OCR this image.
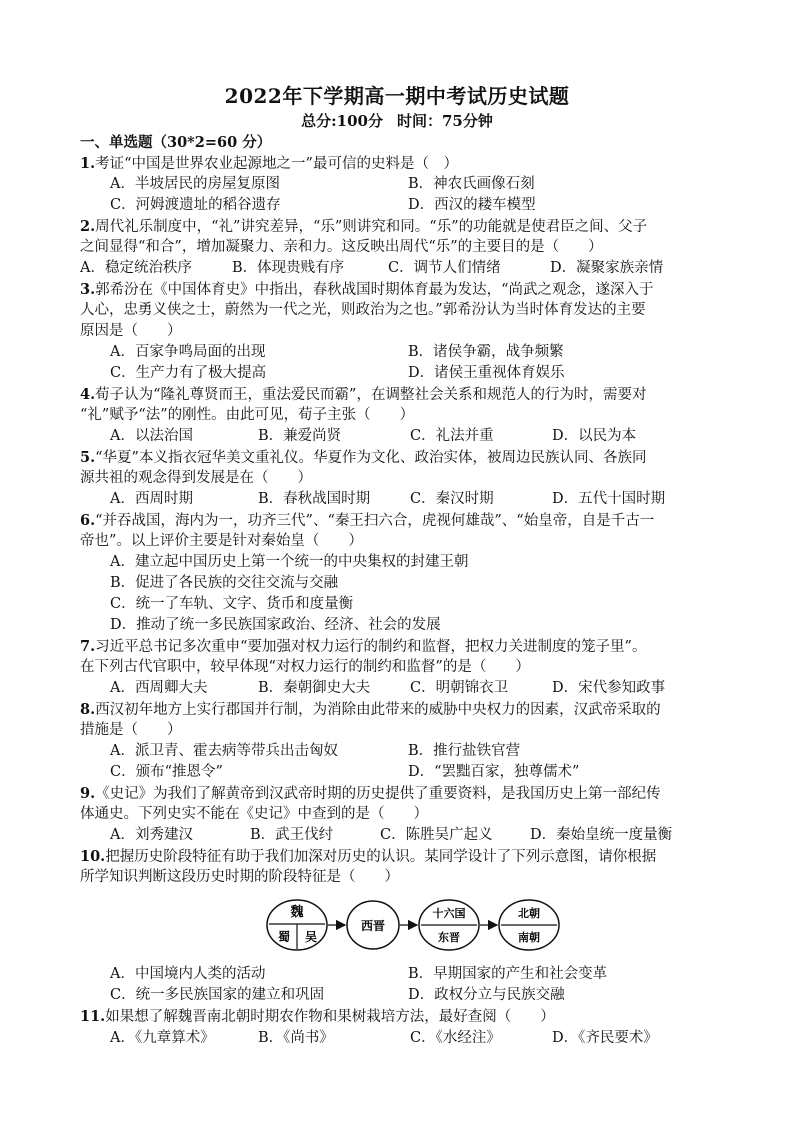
2022年下学期高一期中考试历史试题
总分:100分 时间：75分钟
一、单选题（30*2=60 分）
1.考证“中国是世界农业起源地之一”最可信的史料是（　）
A．半坡居民的房屋复原图	B．神农氏画像石刻
C．河姆渡遗址的稻谷遗存	D．西汉的耧车模型
2.周代礼乐制度中，“礼”讲究差异，“乐”则讲究和同。“乐”的功能就是使君臣之间、父子
之间显得“和合”，增加凝聚力、亲和力。这反映出周代“乐”的主要目的是（　　）
A．稳定统治秩序	B．体现贵贱有序	C．调节人们情绪	D．凝聚家族亲情
3.郭希汾在《中国体育史》中指出，春秋战国时期体育最为发达，“尚武之观念，遂深入于
人心，忠勇义侠之士，蔚然为一代之光，则政治为之也。”郭希汾认为当时体育发达的主要
原因是（　　）
A．百家争鸣局面的出现	B．诸侯争霸，战争频繁
C．生产力有了极大提高	D．诸侯王重视体育娱乐
4.荀子认为“隆礼尊贤而王，重法爱民而霸”，在调整社会关系和规范人的行为时，需要对
“礼”赋予“法”的刚性。由此可见，荀子主张（　　）
A．以法治国	B．兼爱尚贤	C．礼法并重	D．以民为本
5.“华夏”本义指衣冠华美文重礼仪。华夏作为文化、政治实体，被周边民族认同、各族同
源共祖的观念得到发展是在（　　）
A．西周时期	B．春秋战国时期	C．秦汉时期	D．五代十国时期
6.“并吞战国，海内为一，功齐三代”、“秦王扫六合，虎视何雄哉”、“始皇帝，自是千古一
帝也”。以上评价主要是针对秦始皇（　　）
A．建立起中国历史上第一个统一的中央集权的封建王朝
B．促进了各民族的交往交流与交融
C．统一了车轨、文字、货币和度量衡
D．推动了统一多民族国家政治、经济、社会的发展
7.习近平总书记多次重申“要加强对权力运行的制约和监督，把权力关进制度的笼子里”。
在下列古代官职中，较早体现“对权力运行的制约和监督”的是（　　）
A．西周卿大夫	B．秦朝御史大夫	C．明朝锦衣卫	D．宋代参知政事
8.西汉初年地方上实行郡国并行制，为消除由此带来的威胁中央权力的因素，汉武帝采取的
措施是（　　）
A．派卫青、霍去病等带兵出击匈奴	B．推行盐铁官营
C．颁布“推恩令”	D．“罢黜百家，独尊儒术”
9.《史记》为我们了解黄帝到汉武帝时期的历史提供了重要资料，是我国历史上第一部纪传
体通史。下列史实不能在《史记》中查到的是（　　）
A．刘秀建汉	B．武王伐纣	C．陈胜吴广起义	D．秦始皇统一度量衡
10.把握历史阶段特征有助于我们加深对历史的认识。某同学设计了下列示意图，请你根据
所学知识判断这段历史时期的阶段特征是（　　）
魏
蜀 吴
西晋
十六国
东晋
北朝
南朝
A．中国境内人类的活动	B．早期国家的产生和社会变革
C．统一多民族国家的建立和巩固	D．政权分立与民族交融
11.如果想了解魏晋南北朝时期农作物和果树栽培方法，最好查阅（　　）
A．《九章算术》	B．《尚书》	C．《水经注》	D．《齐民要术》
